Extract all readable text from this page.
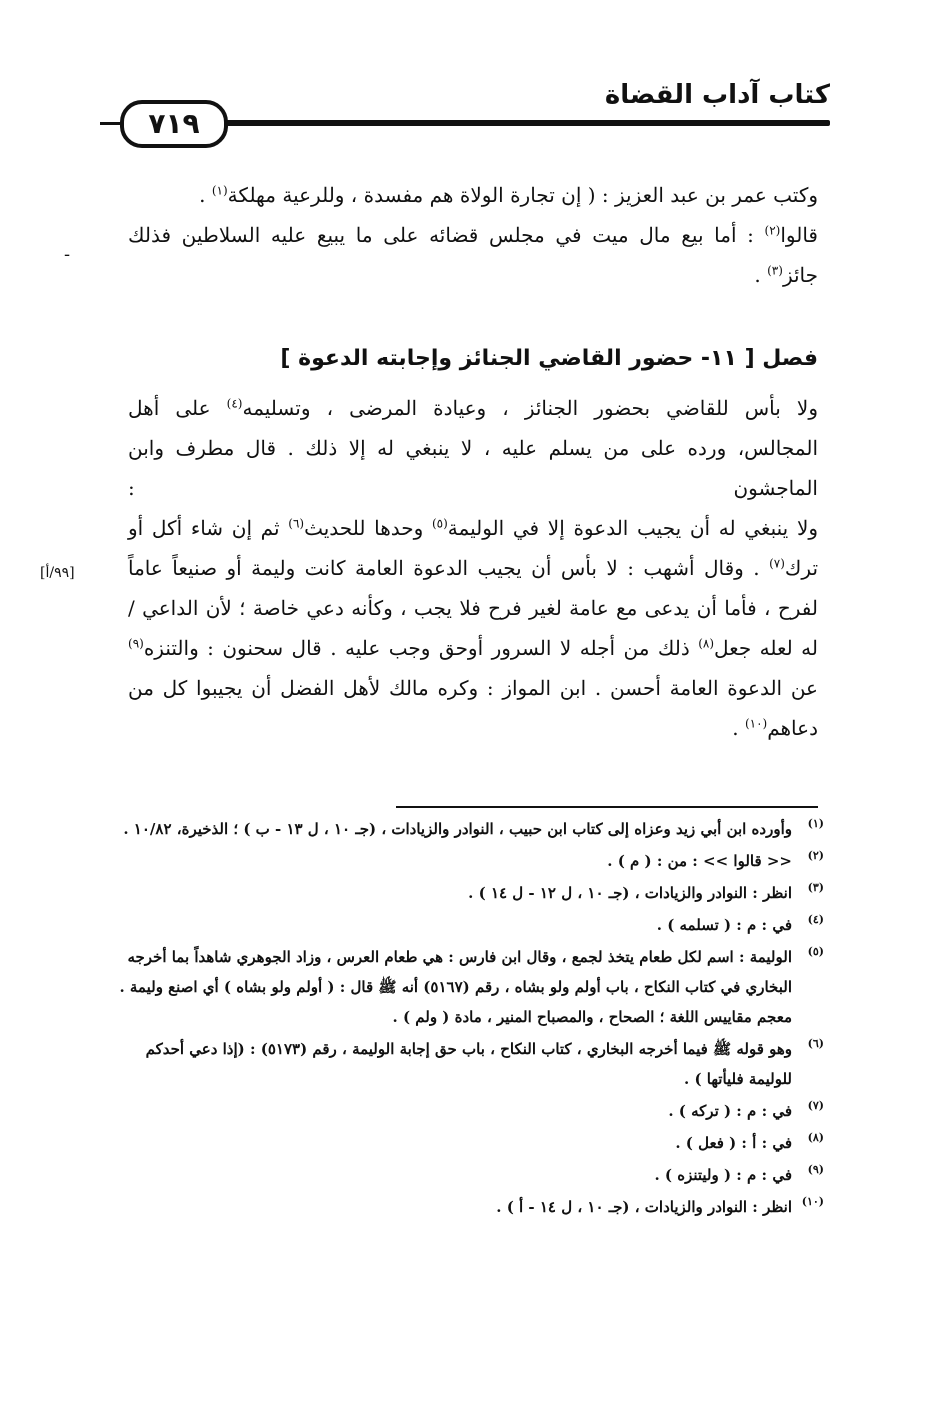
كتاب آداب القضاة
٧١٩
وكتب عمر بن عبد العزيز : ( إن تجارة الولاة هم مفسدة ، وللرعية مهلكة$^{(١)}$ .
قالوا$^{(٢)}$ : أما بيع مال ميت في مجلس قضائه على ما يبيع عليه السلاطين فذلك
جائز$^{(٣)}$ .
-
فصل [ ١١- حضور القاضي الجنائز وإجابته الدعوة ]
ولا بأس للقاضي بحضور الجنائز ، وعيادة المرضى ، وتسليمه$^{(٤)}$ على أهل
المجالس، ورده على من يسلم عليه ، لا ينبغي له إلا ذلك . قال مطرف وابن الماجشون :
ولا ينبغي له أن يجيب الدعوة إلا في الوليمة$^{(٥)}$ وحدها للحديث$^{(٦)}$ ثم إن شاء أكل أو
ترك$^{(٧)}$ . وقال أشهب : لا بأس أن يجيب الدعوة العامة كانت وليمة أو صنيعاً عاماً
لفرح ، فأما أن يدعى مع عامة لغير فرح فلا يجب ، وكأنه دعي خاصة ؛ لأن الداعي /
له لعله جعل$^{(٨)}$ ذلك من أجله لا السرور أوحق وجب عليه . قال سحنون : والتنزه$^{(٩)}$
عن الدعوة العامة أحسن . ابن المواز : وكره مالك لأهل الفضل أن يجيبوا كل من
دعاهم$^{(١٠)}$ .
[٩٩/أ]
(١)
وأورده ابن أبي زيد وعزاه إلى كتاب ابن حبيب ، النوادر والزيادات ، (جـ ١٠ ، ل ١٣ - ب ) ؛ الذخيرة، ١٠/٨٢ .
(٢)
<< قالوا >> : من : ( م ) .
(٣)
انظر : النوادر والزيادات ، (جـ ١٠ ، ل ١٢ - ل ١٤ ) .
(٤)
في : م : ( تسلمه ) .
(٥)
الوليمة : اسم لكل طعام يتخذ لجمع ، وقال ابن فارس : هي طعام العرس ، وزاد الجوهري شاهداً بما أخرجه البخاري في كتاب النكاح ، باب أولم ولو بشاه ، رقم (٥١٦٧) أنه ﷺ قال : ( أولم ولو بشاه ) أي اصنع وليمة . معجم مقاييس اللغة ؛ الصحاح ، والمصباح المنير ، مادة ( ولم ) .
(٦)
وهو قوله ﷺ فيما أخرجه البخاري ، كتاب النكاح ، باب حق إجابة الوليمة ، رقم (٥١٧٣) : (إذا دعي أحدكم للوليمة فليأتها ) .
(٧)
في : م : ( تركه ) .
(٨)
في : أ : ( فعل ) .
(٩)
في : م : ( وليتنزه ) .
(١٠)
انظر : النوادر والزيادات ، (جـ ١٠ ، ل ١٤ - أ ) .
